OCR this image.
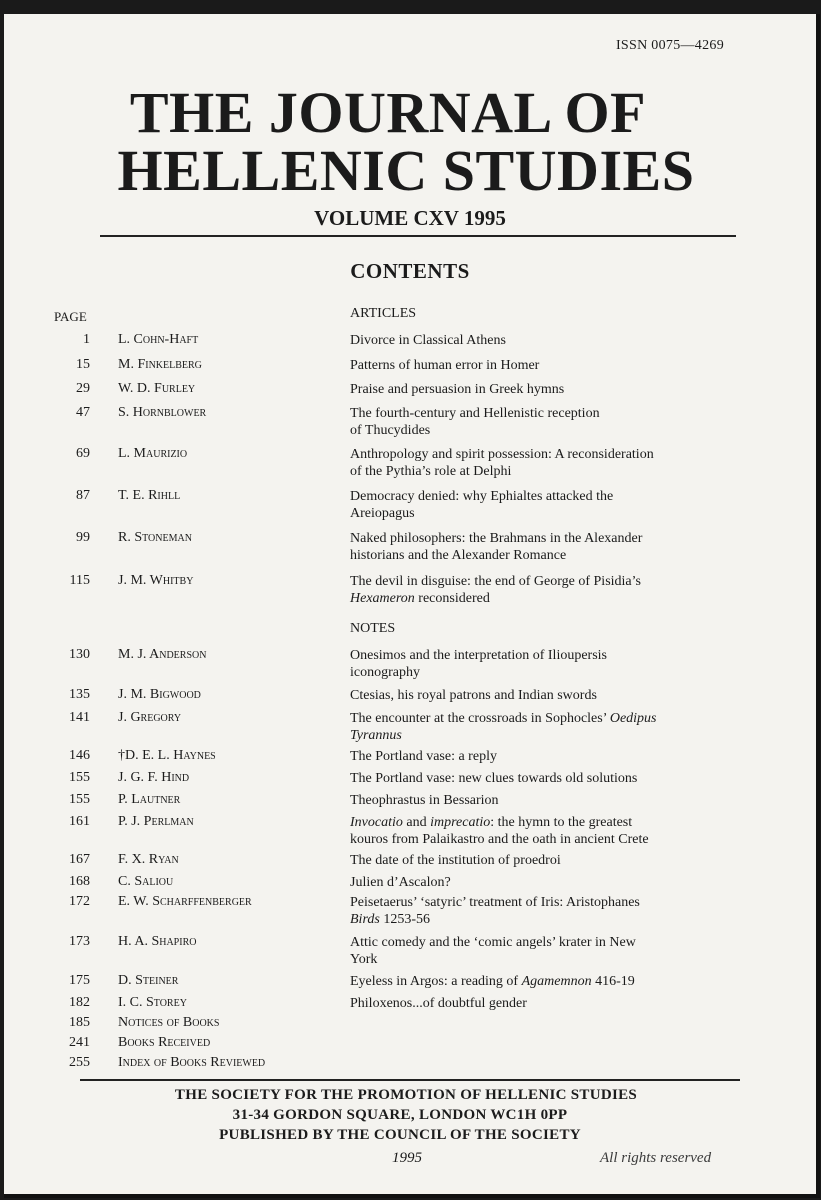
ISSN 0075—4269
THE JOURNAL OF
HELLENIC STUDIES
VOLUME CXV 1995
CONTENTS
PAGE	ARTICLES
NOTES
1 L. Cohn-Haft	Divorce in Classical Athens
15 M. Finkelberg	Patterns of human error in Homer
29 W. D. Furley	Praise and persuasion in Greek hymns
47 S. Hornblower	The fourth-century and Hellenistic reception
of Thucydides
69 L. Maurizio	Anthropology and spirit possession: A reconsideration
of the Pythia’s role at Delphi
87 T. E. Rihll	Democracy denied: why Ephialtes attacked the
Areiopagus
99 R. Stoneman	Naked philosophers: the Brahmans in the Alexander
historians and the Alexander Romance
115 J. M. Whitby	The devil in disguise: the end of George of Pisidia’s
Hexameron reconsidered
130 M. J. Anderson	Onesimos and the interpretation of Ilioupersis
iconography
135 J. M. Bigwood	Ctesias, his royal patrons and Indian swords
141 J. Gregory	The encounter at the crossroads in Sophocles’ Oedipus
Tyrannus
146 †D. E. L. Haynes	The Portland vase: a reply
155 J. G. F. Hind	The Portland vase: new clues towards old solutions
155 P. Lautner	Theophrastus in Bessarion
161 P. J. Perlman	Invocatio and imprecatio: the hymn to the greatest
kouros from Palaikastro and the oath in ancient Crete
167 F. X. Ryan	The date of the institution of proedroi
168 C. Saliou	Julien d’Ascalon?
172 E. W. Scharffenberger	Peisetaerus’ ‘satyric’ treatment of Iris: Aristophanes
Birds 1253-56
173 H. A. Shapiro	Attic comedy and the ‘comic angels’ krater in New
York
175 D. Steiner	Eyeless in Argos: a reading of Agamemnon 416-19
182 I. C. Storey	Philoxenos...of doubtful gender
185 Notices of Books
241 Books Received
255 Index of Books Reviewed
THE SOCIETY FOR THE PROMOTION OF HELLENIC STUDIES
31-34 GORDON SQUARE, LONDON WC1H 0PP
PUBLISHED BY THE COUNCIL OF THE SOCIETY
1995	All rights reserved
